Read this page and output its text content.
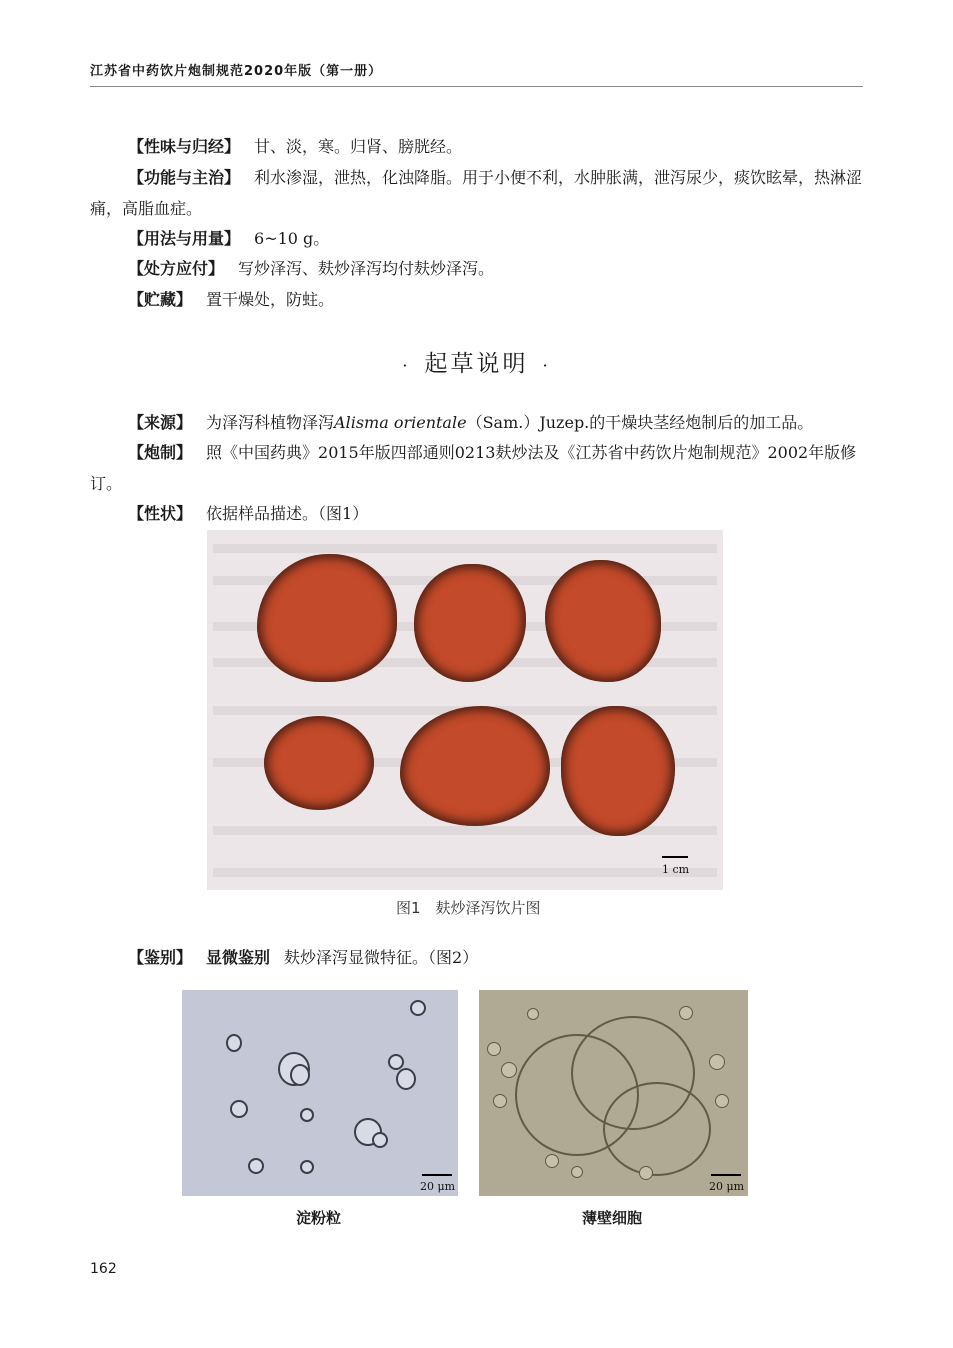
江苏省中药饮片炮制规范2020年版（第一册）
【性味与归经】 甘、淡，寒。归肾、膀胱经。
【功能与主治】 利水渗湿，泄热，化浊降脂。用于小便不利，水肿胀满，泄泻尿少，痰饮眩晕，热淋涩痛，高脂血症。
【用法与用量】 6~10 g。
【处方应付】 写炒泽泻、麸炒泽泻均付麸炒泽泻。
【贮藏】 置干燥处，防蛀。
· 起草说明 ·
【来源】 为泽泻科植物泽泻Alisma orientale（Sam.）Juzep.的干燥块茎经炮制后的加工品。
【炮制】 照《中国药典》2015年版四部通则0213麸炒法及《江苏省中药饮片炮制规范》2002年版修订。
【性状】 依据样品描述。（图1）
1 cm
图1　麸炒泽泻饮片图
【鉴别】 显微鉴别 麸炒泽泻显微特征。（图2）
20 μm	20 μm
淀粉粒	薄壁细胞
162
